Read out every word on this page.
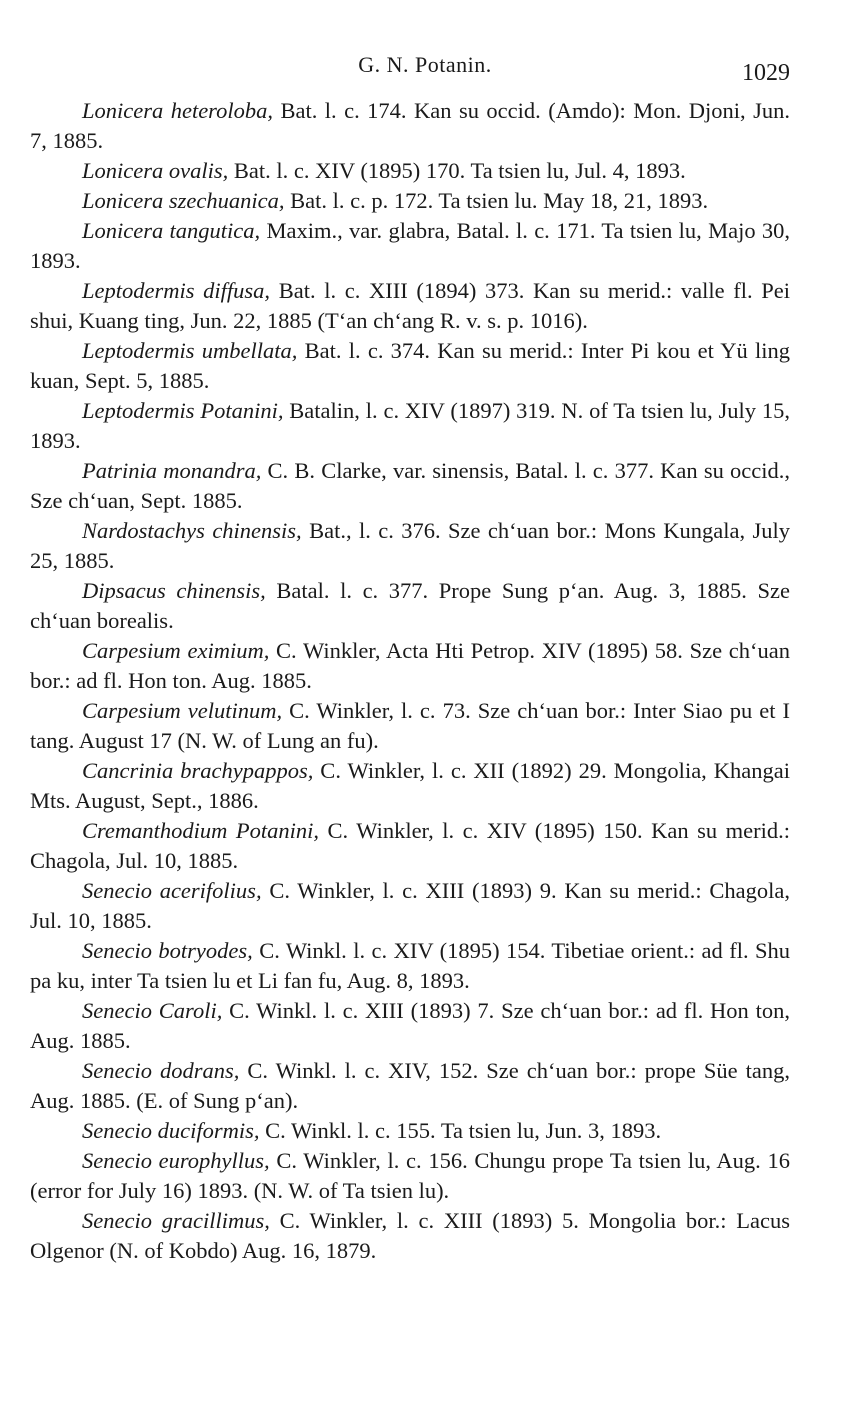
G. N. Potanin.	1029

Lonicera heteroloba, Bat. l. c. 174. Kan su occid. (Amdo): Mon. Djoni, Jun. 7, 1885.

Lonicera ovalis, Bat. l. c. XIV (1895) 170. Ta tsien lu, Jul. 4, 1893.

Lonicera szechuanica, Bat. l. c. p. 172. Ta tsien lu. May 18, 21, 1893.

Lonicera tangutica, Maxim., var. glabra, Batal. l. c. 171. Ta tsien lu, Majo 30, 1893.

Leptodermis diffusa, Bat. l. c. XIII (1894) 373. Kan su merid.: valle fl. Pei shui, Kuang ting, Jun. 22, 1885 (Tʻan chʻang R. v. s. p. 1016).

Leptodermis umbellata, Bat. l. c. 374. Kan su merid.: Inter Pi kou et Yü ling kuan, Sept. 5, 1885.

Leptodermis Potanini, Batalin, l. c. XIV (1897) 319. N. of Ta tsien lu, July 15, 1893.

Patrinia monandra, C. B. Clarke, var. sinensis, Batal. l. c. 377. Kan su occid., Sze chʻuan, Sept. 1885.

Nardostachys chinensis, Bat., l. c. 376. Sze chʻuan bor.: Mons Kungala, July 25, 1885.

Dipsacus chinensis, Batal. l. c. 377. Prope Sung pʻan. Aug. 3, 1885. Sze chʻuan borealis.

Carpesium eximium, C. Winkler, Acta Hti Petrop. XIV (1895) 58. Sze chʻuan bor.: ad fl. Hon ton. Aug. 1885.

Carpesium velutinum, C. Winkler, l. c. 73. Sze chʻuan bor.: Inter Siao pu et I tang. August 17 (N. W. of Lung an fu).

Cancrinia brachypappos, C. Winkler, l. c. XII (1892) 29. Mongolia, Khangai Mts. August, Sept., 1886.

Cremanthodium Potanini, C. Winkler, l. c. XIV (1895) 150. Kan su merid.: Chagola, Jul. 10, 1885.

Senecio acerifolius, C. Winkler, l. c. XIII (1893) 9. Kan su merid.: Chagola, Jul. 10, 1885.

Senecio botryodes, C. Winkl. l. c. XIV (1895) 154. Tibetiae orient.: ad fl. Shu pa ku, inter Ta tsien lu et Li fan fu, Aug. 8, 1893.

Senecio Caroli, C. Winkl. l. c. XIII (1893) 7. Sze chʻuan bor.: ad fl. Hon ton, Aug. 1885.

Senecio dodrans, C. Winkl. l. c. XIV, 152. Sze chʻuan bor.: prope Süe tang, Aug. 1885. (E. of Sung pʻan).

Senecio duciformis, C. Winkl. l. c. 155. Ta tsien lu, Jun. 3, 1893.

Senecio europhyllus, C. Winkler, l. c. 156. Chungu prope Ta tsien lu, Aug. 16 (error for July 16) 1893. (N. W. of Ta tsien lu).

Senecio gracillimus, C. Winkler, l. c. XIII (1893) 5. Mongolia bor.: Lacus Olgenor (N. of Kobdo) Aug. 16, 1879.
